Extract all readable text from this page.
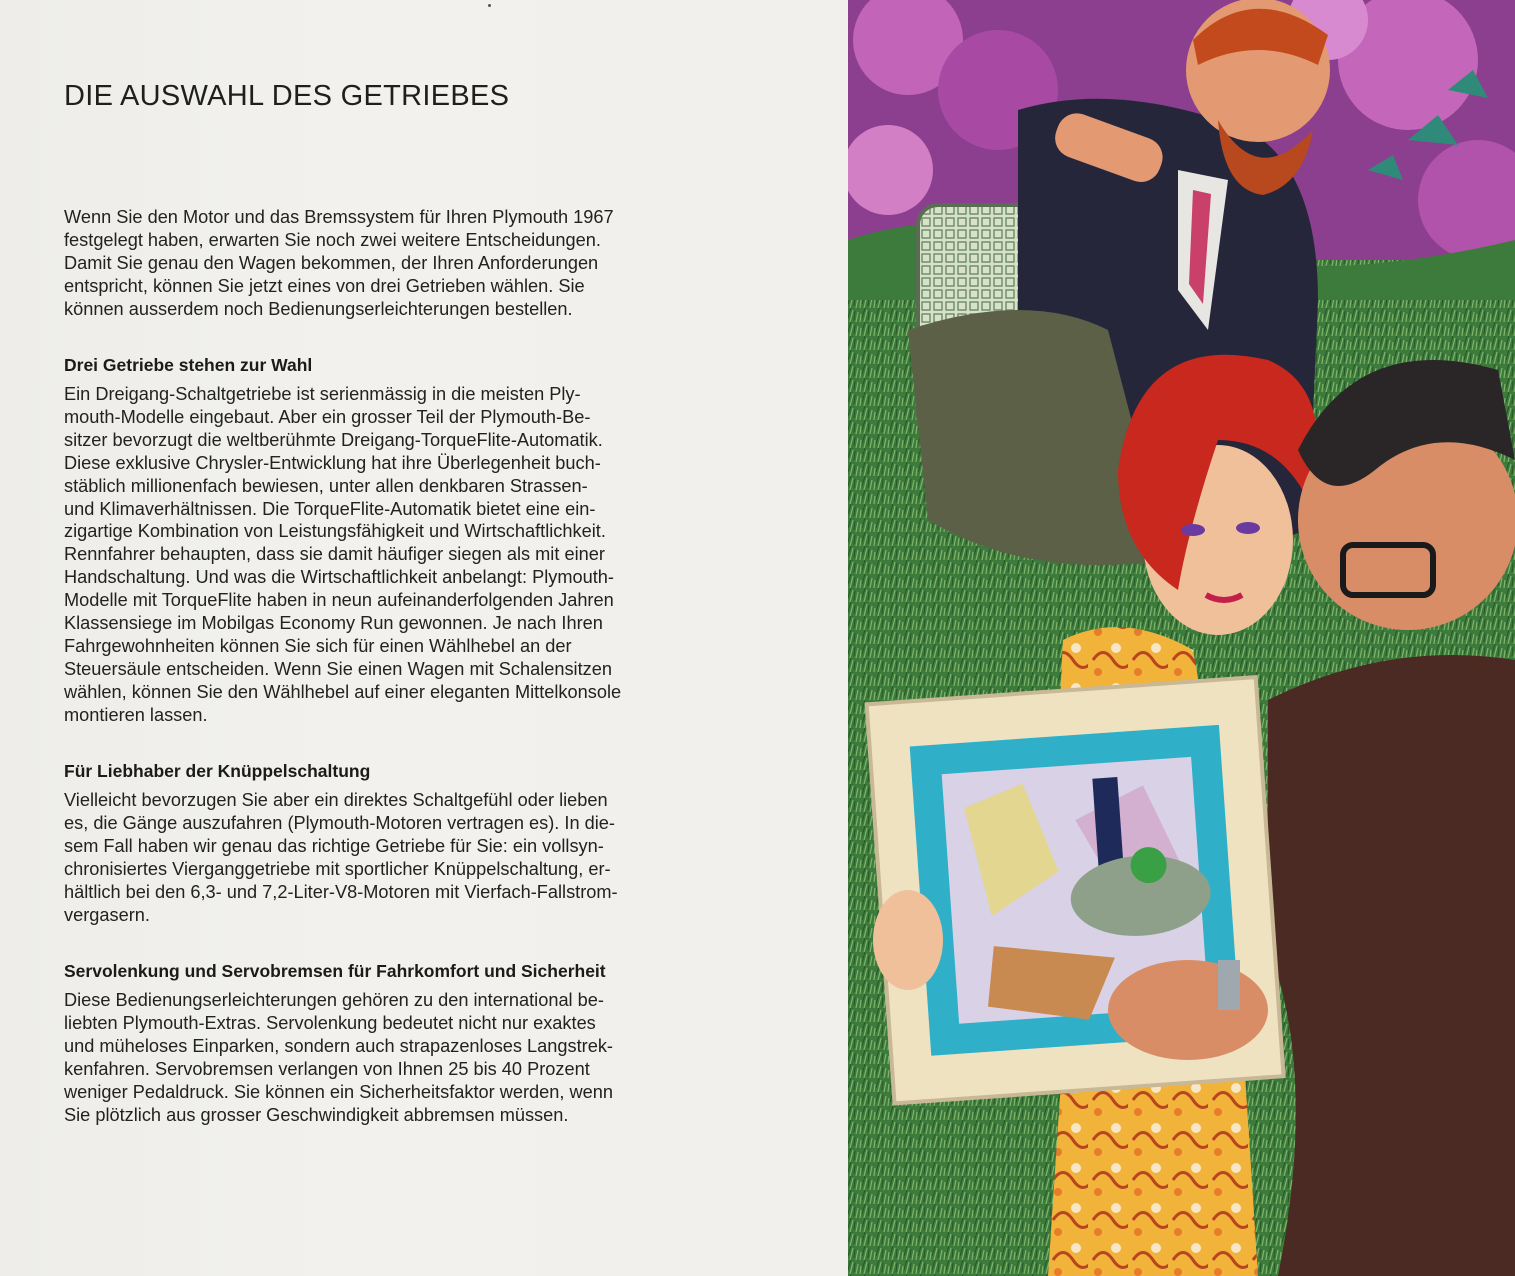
DIE AUSWAHL DES GETRIEBES

Wenn Sie den Motor und das Bremssystem für Ihren Plymouth 1967
festgelegt haben, erwarten Sie noch zwei weitere Entscheidungen.
Damit Sie genau den Wagen bekommen, der Ihren Anforderungen
entspricht, können Sie jetzt eines von drei Getrieben wählen. Sie
können ausserdem noch Bedienungserleichterungen bestellen.

Drei Getriebe stehen zur Wahl

Ein Dreigang-Schaltgetriebe ist serienmässig in die meisten Ply-
mouth-Modelle eingebaut. Aber ein grosser Teil der Plymouth-Be-
sitzer bevorzugt die weltberühmte Dreigang-TorqueFlite-Automatik.
Diese exklusive Chrysler-Entwicklung hat ihre Überlegenheit buch-
stäblich millionenfach bewiesen, unter allen denkbaren Strassen-
und Klimaverhältnissen. Die TorqueFlite-Automatik bietet eine ein-
zigartige Kombination von Leistungsfähigkeit und Wirtschaftlichkeit.
Rennfahrer behaupten, dass sie damit häufiger siegen als mit einer
Handschaltung. Und was die Wirtschaftlichkeit anbelangt: Plymouth-
Modelle mit TorqueFlite haben in neun aufeinanderfolgenden Jahren
Klassensiege im Mobilgas Economy Run gewonnen. Je nach Ihren
Fahrgewohnheiten können Sie sich für einen Wählhebel an der
Steuersäule entscheiden. Wenn Sie einen Wagen mit Schalensitzen
wählen, können Sie den Wählhebel auf einer eleganten Mittelkonsole
montieren lassen.

Für Liebhaber der Knüppelschaltung

Vielleicht bevorzugen Sie aber ein direktes Schaltgefühl oder lieben
es, die Gänge auszufahren (Plymouth-Motoren vertragen es). In die-
sem Fall haben wir genau das richtige Getriebe für Sie: ein vollsyn-
chronisiertes Vierganggetriebe mit sportlicher Knüppelschaltung, er-
hältlich bei den 6,3- und 7,2-Liter-V8-Motoren mit Vierfach-Fallstrom-
vergasern.

Servolenkung und Servobremsen für Fahrkomfort und Sicherheit

Diese Bedienungserleichterungen gehören zu den international be-
liebten Plymouth-Extras. Servolenkung bedeutet nicht nur exaktes
und müheloses Einparken, sondern auch strapazenloses Langstrek-
kenfahren. Servobremsen verlangen von Ihnen 25 bis 40 Prozent
weniger Pedaldruck. Sie können ein Sicherheitsfaktor werden, wenn
Sie plötzlich aus grosser Geschwindigkeit abbremsen müssen.
